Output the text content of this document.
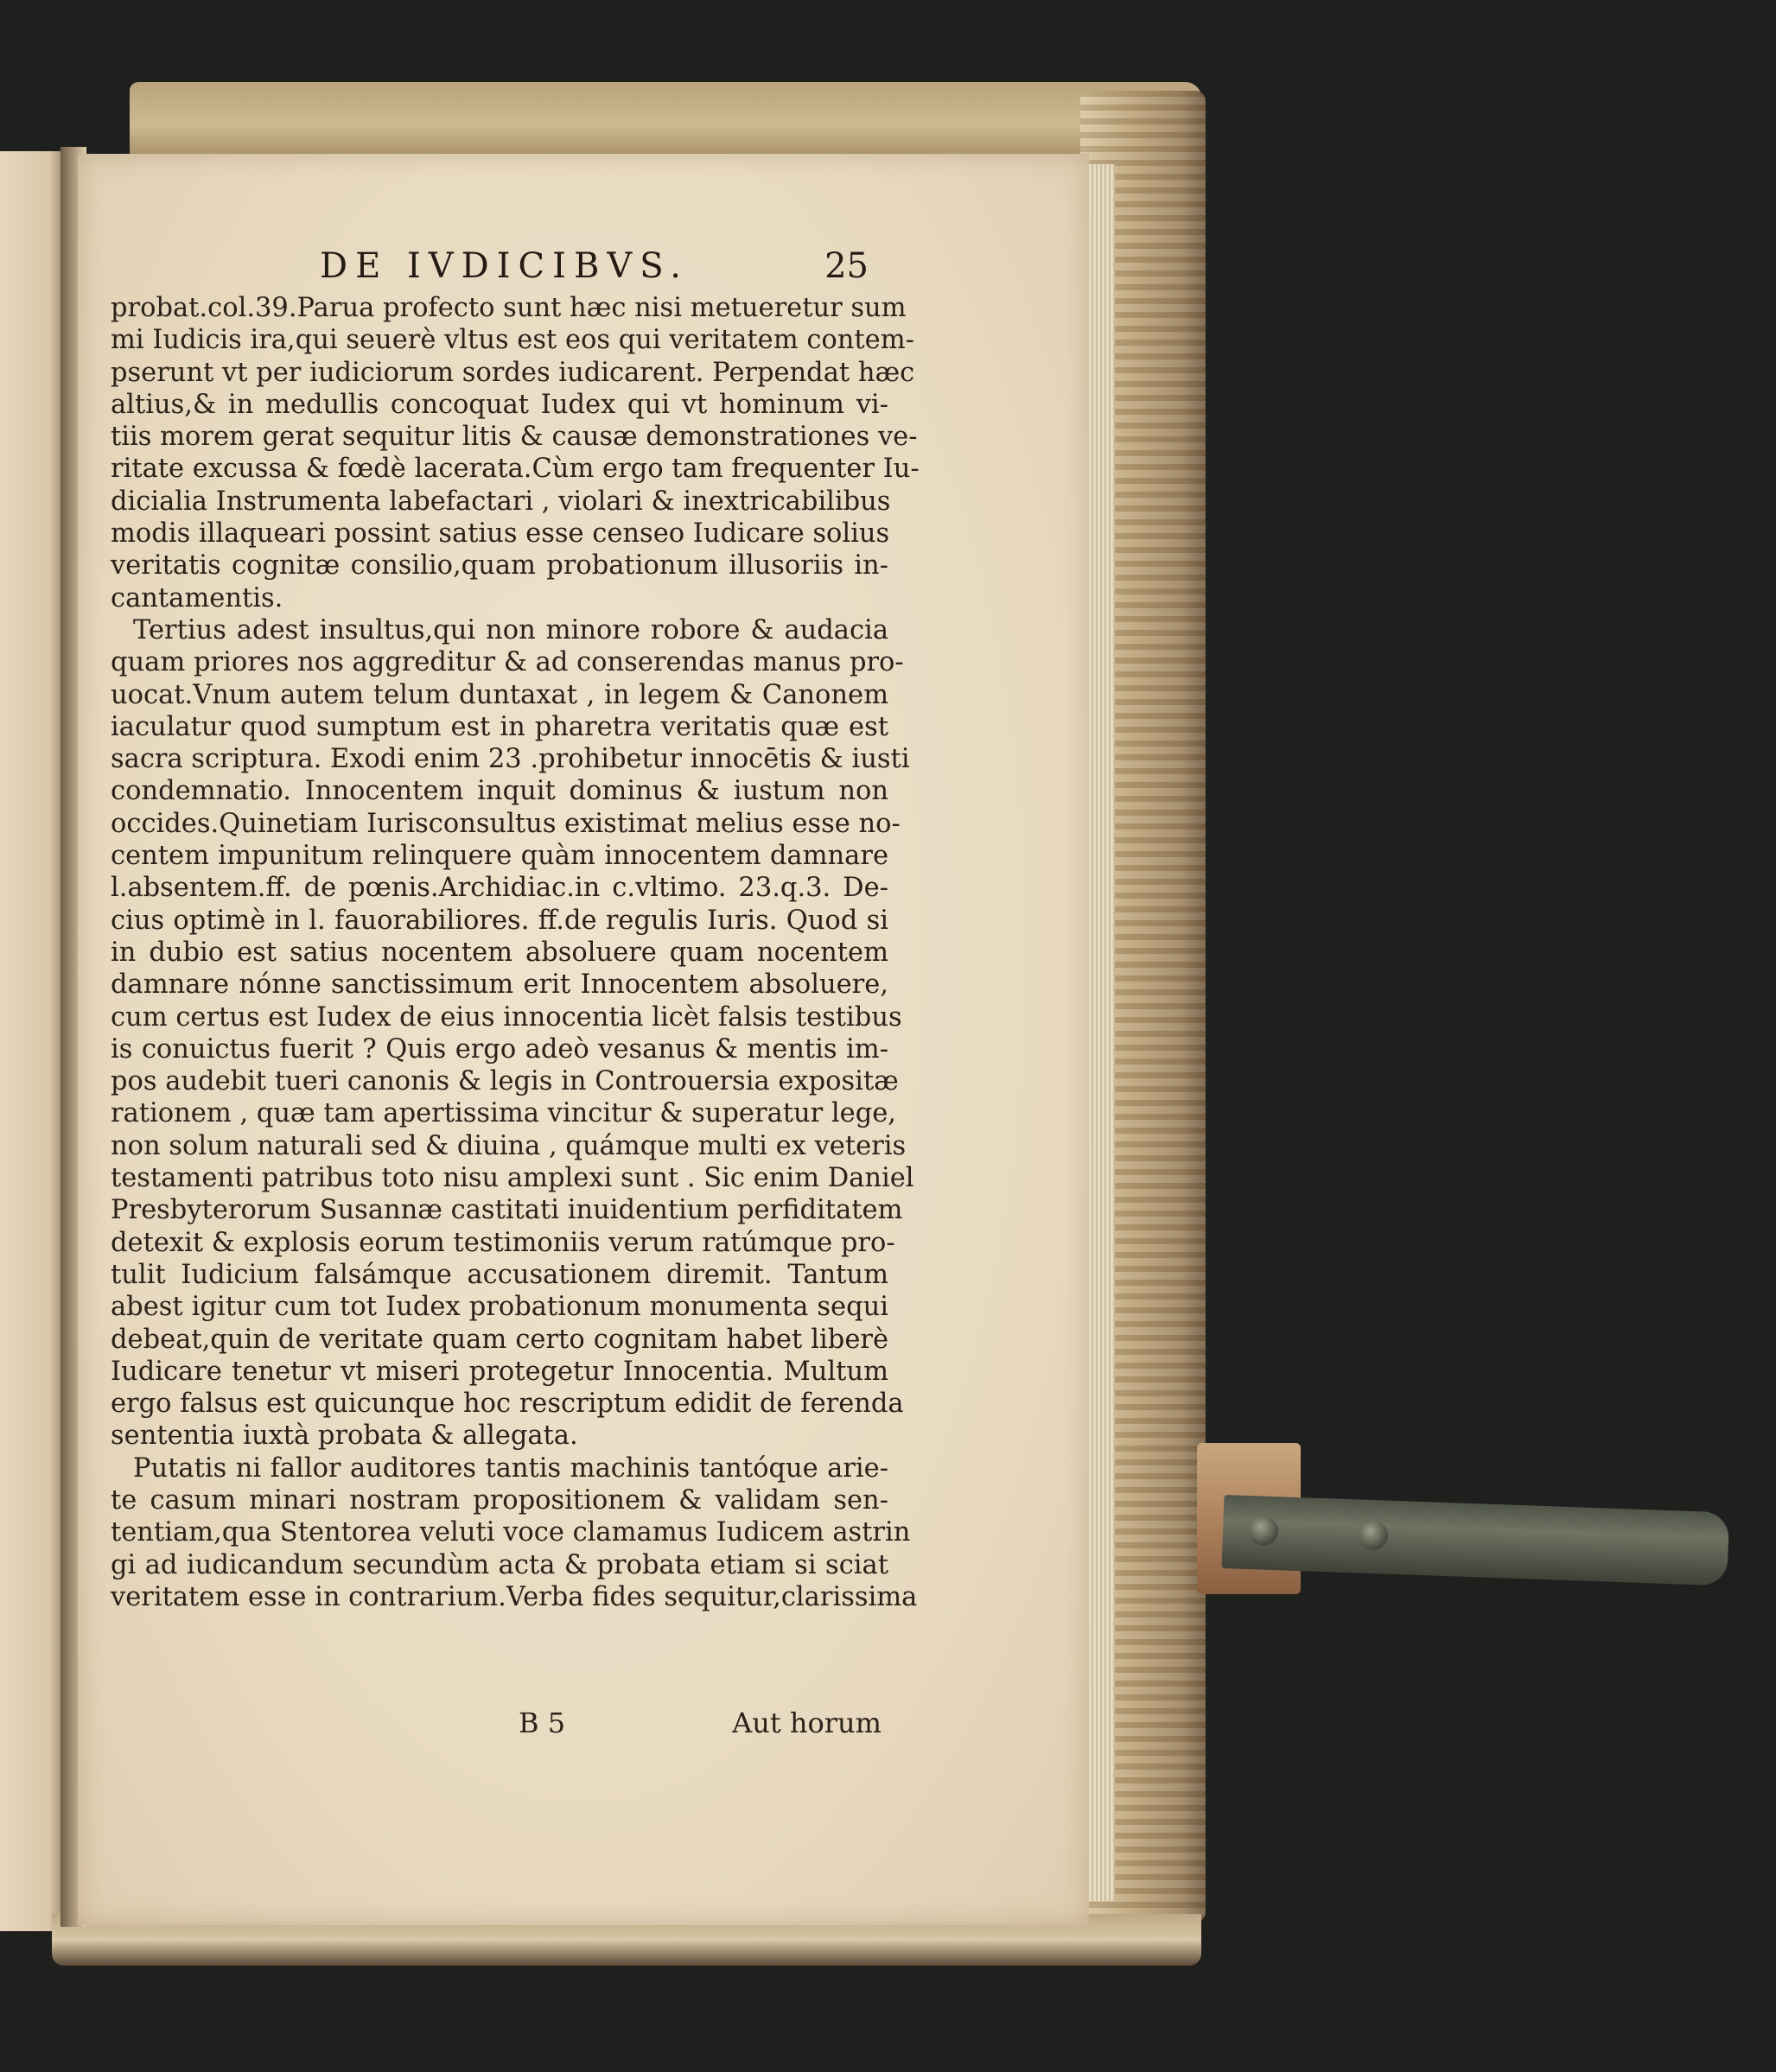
DE IVDICIBVS.	25
probat.col.39.Parua profecto sunt hæc nisi metueretur sum
mi Iudicis ira,qui seuerè vltus est eos qui veritatem contem-
pserunt vt per iudiciorum sordes iudicarent. Perpendat hæc
altius,& in medullis concoquat Iudex qui vt hominum vi-
tiis morem gerat sequitur litis & causæ demonstrationes ve-
ritate excussa & fœdè lacerata.Cùm ergo tam frequenter Iu-
dicialia Instrumenta labefactari , violari & inextricabilibus
modis illaqueari possint satius esse censeo Iudicare solius
veritatis cognitæ consilio,quam probationum illusoriis in-
cantamentis.
Tertius adest insultus,qui non minore robore & audacia
quam priores nos aggreditur & ad conserendas manus pro-
uocat.Vnum autem telum duntaxat , in legem & Canonem
iaculatur quod sumptum est in pharetra veritatis quæ est
sacra scriptura. Exodi enim 23 .prohibetur innocētis & iusti
condemnatio. Innocentem inquit dominus & iustum non
occides.Quinetiam Iurisconsultus existimat melius esse no-
centem impunitum relinquere quàm innocentem damnare
l.absentem.ff. de pœnis.Archidiac.in c.vltimo. 23.q.3. De-
cius optimè in l. fauorabiliores. ff.de regulis Iuris. Quod si
in dubio est satius nocentem absoluere quam nocentem
damnare nónne sanctissimum erit Innocentem absoluere,
cum certus est Iudex de eius innocentia licèt falsis testibus
is conuictus fuerit ? Quis ergo adeò vesanus & mentis im-
pos audebit tueri canonis & legis in Controuersia expositæ
rationem , quæ tam apertissima vincitur & superatur lege,
non solum naturali sed & diuina , quámque multi ex veteris
testamenti patribus toto nisu amplexi sunt . Sic enim Daniel
Presbyterorum Susannæ castitati inuidentium perfiditatem
detexit & explosis eorum testimoniis verum ratúmque pro-
tulit Iudicium falsámque accusationem diremit. Tantum
abest igitur cum tot Iudex probationum monumenta sequi
debeat,quin de veritate quam certo cognitam habet liberè
Iudicare tenetur vt miseri protegetur Innocentia. Multum
ergo falsus est quicunque hoc rescriptum edidit de ferenda
sententia iuxtà probata & allegata.
Putatis ni fallor auditores tantis machinis tantóque arie-
te casum minari nostram propositionem & validam sen-
tentiam,qua Stentorea veluti voce clamamus Iudicem astrin
gi ad iudicandum secundùm acta & probata etiam si sciat
veritatem esse in contrarium.Verba fides sequitur,clarissima
B 5	Aut horum
